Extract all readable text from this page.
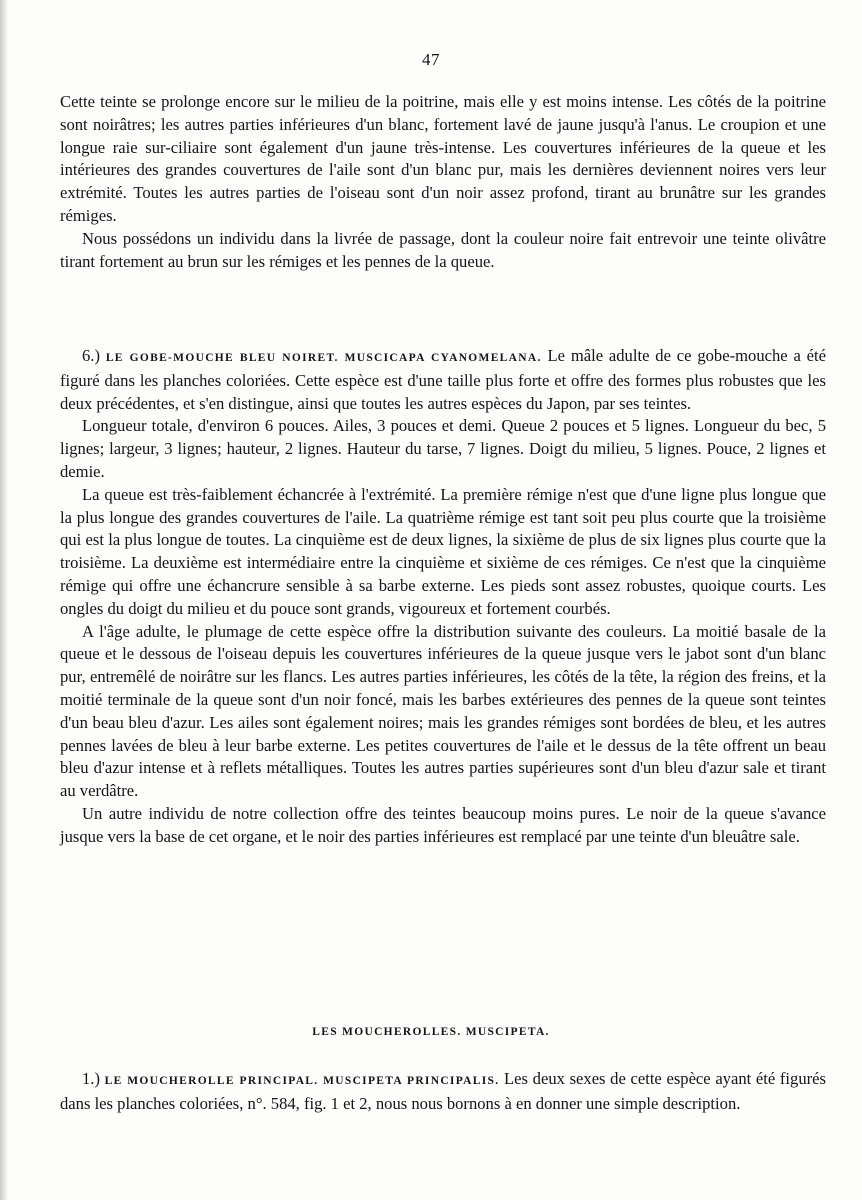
47

Cette teinte se prolonge encore sur le milieu de la poitrine, mais elle y est moins intense. Les côtés de la poitrine sont noirâtres; les autres parties inférieures d'un blanc, fortement lavé de jaune jusqu'à l'anus. Le croupion et une longue raie sur-ciliaire sont également d'un jaune très-intense. Les couvertures inférieures de la queue et les intérieures des grandes couvertures de l'aile sont d'un blanc pur, mais les dernières deviennent noires vers leur extrémité. Toutes les autres parties de l'oiseau sont d'un noir assez profond, tirant au brunâtre sur les grandes rémiges.

Nous possédons un individu dans la livrée de passage, dont la couleur noire fait entrevoir une teinte olivâtre tirant fortement au brun sur les rémiges et les pennes de la queue.

6.) LE GOBE-MOUCHE BLEU NOIRET. MUSCICAPA CYANOMELANA. Le mâle adulte de ce gobe-mouche a été figuré dans les planches coloriées. Cette espèce est d'une taille plus forte et offre des formes plus robustes que les deux précédentes, et s'en distingue, ainsi que toutes les autres espèces du Japon, par ses teintes.

Longueur totale, d'environ 6 pouces. Ailes, 3 pouces et demi. Queue 2 pouces et 5 lignes. Longueur du bec, 5 lignes; largeur, 3 lignes; hauteur, 2 lignes. Hauteur du tarse, 7 lignes. Doigt du milieu, 5 lignes. Pouce, 2 lignes et demie.

La queue est très-faiblement échancrée à l'extrémité. La première rémige n'est que d'une ligne plus longue que la plus longue des grandes couvertures de l'aile. La quatrième rémige est tant soit peu plus courte que la troisième qui est la plus longue de toutes. La cinquième est de deux lignes, la sixième de plus de six lignes plus courte que la troisième. La deuxième est intermédiaire entre la cinquième et sixième de ces rémiges. Ce n'est que la cinquième rémige qui offre une échancrure sensible à sa barbe externe. Les pieds sont assez robustes, quoique courts. Les ongles du doigt du milieu et du pouce sont grands, vigoureux et fortement courbés.

A l'âge adulte, le plumage de cette espèce offre la distribution suivante des couleurs. La moitié basale de la queue et le dessous de l'oiseau depuis les couvertures inférieures de la queue jusque vers le jabot sont d'un blanc pur, entremêlé de noirâtre sur les flancs. Les autres parties inférieures, les côtés de la tête, la région des freins, et la moitié terminale de la queue sont d'un noir foncé, mais les barbes extérieures des pennes de la queue sont teintes d'un beau bleu d'azur. Les ailes sont également noires; mais les grandes rémiges sont bordées de bleu, et les autres pennes lavées de bleu à leur barbe externe. Les petites couvertures de l'aile et le dessus de la tête offrent un beau bleu d'azur intense et à reflets métalliques. Toutes les autres parties supérieures sont d'un bleu d'azur sale et tirant au verdâtre.

Un autre individu de notre collection offre des teintes beaucoup moins pures. Le noir de la queue s'avance jusque vers la base de cet organe, et le noir des parties inférieures est remplacé par une teinte d'un bleuâtre sale.

LES MOUCHEROLLES. MUSCIPETA.

1.) LE MOUCHEROLLE PRINCIPAL. MUSCIPETA PRINCIPALIS. Les deux sexes de cette espèce ayant été figurés dans les planches coloriées, n°. 584, fig. 1 et 2, nous nous bornons à en donner une simple description.
